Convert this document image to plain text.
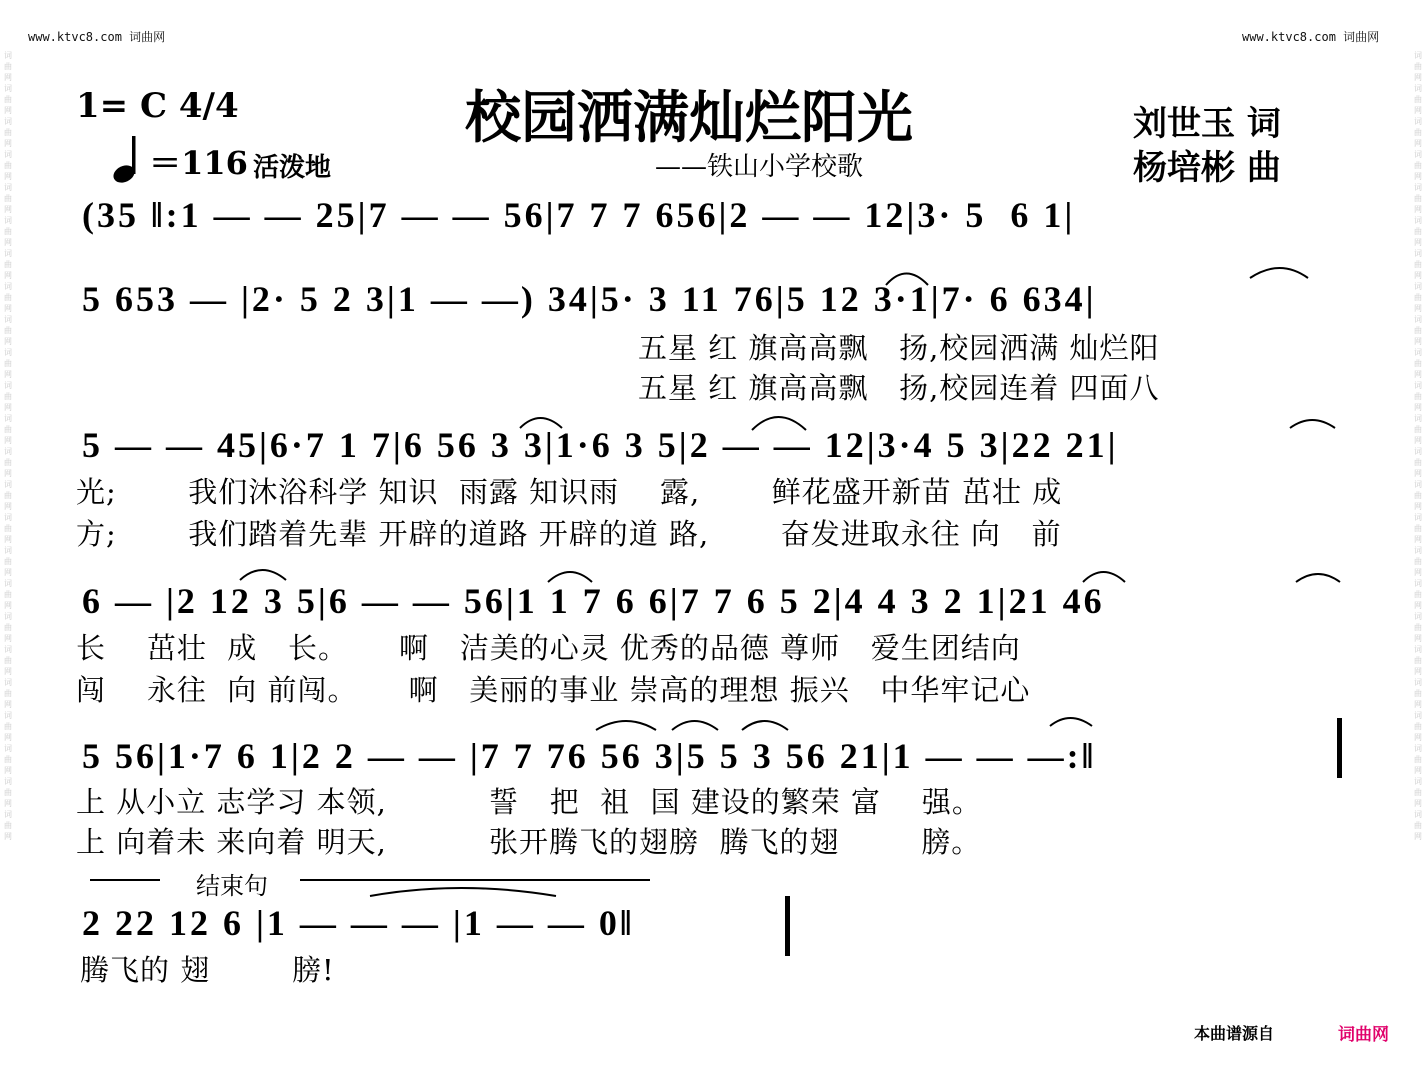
www.ktvc8.com 词曲网	www.ktvc8.com 词曲网
词曲网词曲网词曲网词曲网词曲网词曲网词曲网词曲网词曲网词曲网词曲网词曲网词曲网词曲网词曲网词曲网词曲网词曲网词曲网词曲网词曲网词曲网词曲网词曲网
词曲网词曲网词曲网词曲网词曲网词曲网词曲网词曲网词曲网词曲网词曲网词曲网词曲网词曲网词曲网词曲网词曲网词曲网词曲网词曲网词曲网词曲网词曲网词曲网
1= C 4/4	校园洒满灿烂阳光
——铁山小学校歌
刘世玉 词
杨培彬 曲
＝116 活泼地
(35 ‖:1 — — 25|7 — — 56|7 7 7 656|2 — — 12|3· 5  6 1|
5 653 — |2· 5 2 3|1 — —) 34|5· 3 11 76|5 12 3·1|7· 6 634|
五星 红 旗高高飘   扬,校园洒满 灿烂阳
五星 红 旗高高飘   扬,校园连着 四面八
5 — — 45|6·7 1 7|6 56 3 3|1·6 3 5|2 — — 12|3·4 5 3|22 21|
光;       我们沐浴科学 知识  雨露 知识雨    露,       鲜花盛开新苗 茁壮 成
方;       我们踏着先辈 开辟的道路 开辟的道 路,       奋发进取永往 向   前
6 — |2 12 3 5|6 — — 56|1 1 7 6 6|7 7 6 5 2|4 4 3 2 1|21 46
长    茁壮  成   长。     啊   洁美的心灵 优秀的品德 尊师   爱生团结向
闯    永往  向 前闯。     啊   美丽的事业 崇高的理想 振兴   中华牢记心
5 56|1·7 6 1|2 2 — — |7 7 76 56 3|5 5 3 56 21|1 — — —:‖
上 从小立 志学习 本领,          誓   把  祖  国 建设的繁荣 富    强。
上 向着未 来向着 明天,          张开腾飞的翅膀  腾飞的翅        膀。
结束句
2 22 12 6 |1 — — — |1 — — 0‖
腾飞的 翅        膀!
本曲谱源自	词曲网
